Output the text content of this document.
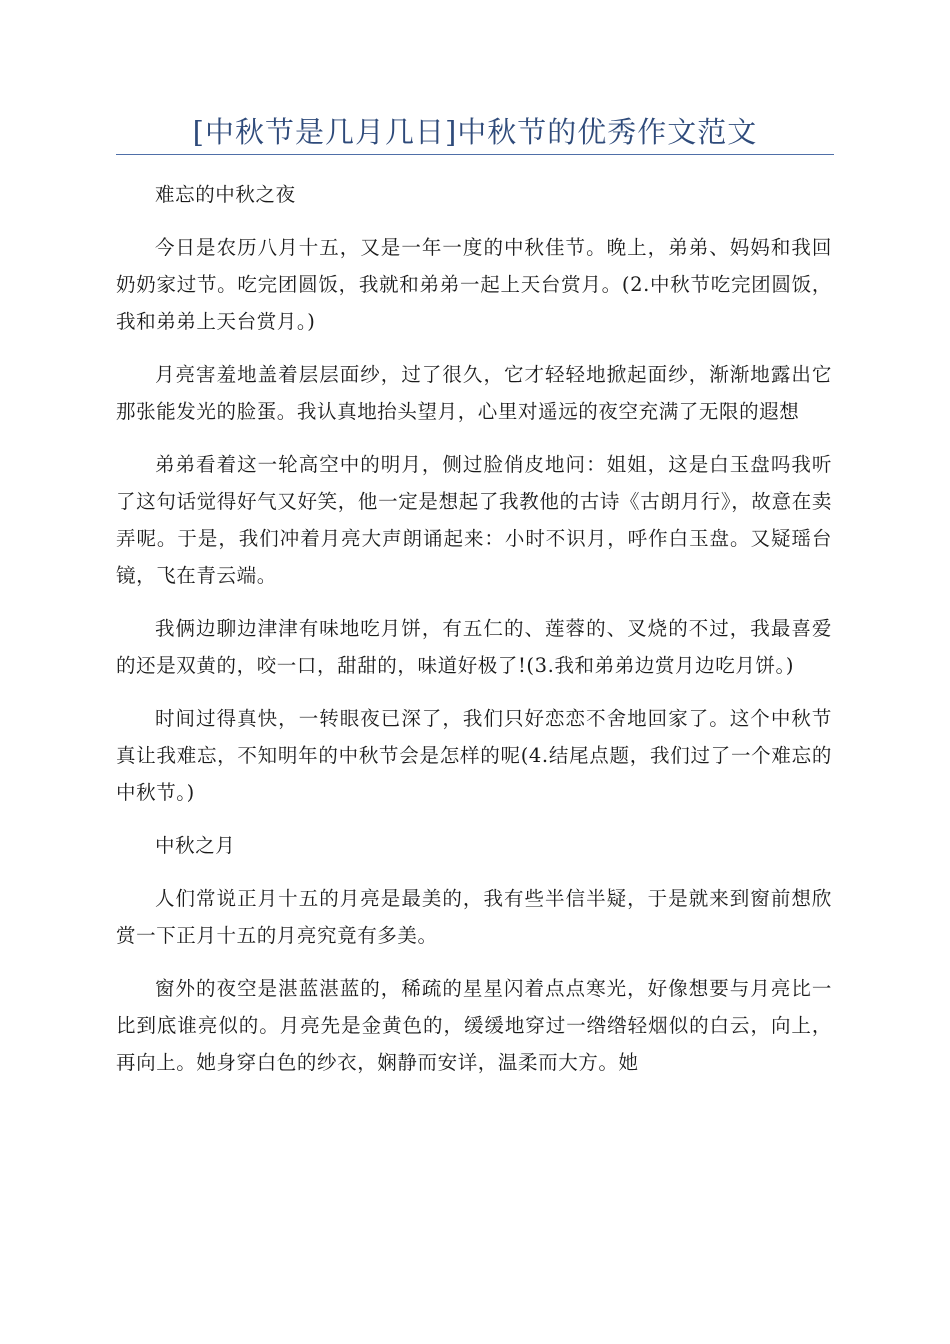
[中秋节是几月几日]中秋节的优秀作文范文

难忘的中秋之夜

今日是农历八月十五，又是一年一度的中秋佳节。晚上，弟弟、妈妈和我回奶奶家过节。吃完团圆饭，我就和弟弟一起上天台赏月。(2.中秋节吃完团圆饭，我和弟弟上天台赏月。)

月亮害羞地盖着层层面纱，过了很久，它才轻轻地掀起面纱，渐渐地露出它那张能发光的脸蛋。我认真地抬头望月，心里对遥远的夜空充满了无限的遐想

弟弟看着这一轮高空中的明月，侧过脸俏皮地问：姐姐，这是白玉盘吗我听了这句话觉得好气又好笑，他一定是想起了我教他的古诗《古朗月行》，故意在卖弄呢。于是，我们冲着月亮大声朗诵起来：小时不识月，呼作白玉盘。又疑瑶台镜，飞在青云端。

我俩边聊边津津有味地吃月饼，有五仁的、莲蓉的、叉烧的不过，我最喜爱的还是双黄的，咬一口，甜甜的，味道好极了!(3.我和弟弟边赏月边吃月饼。)

时间过得真快，一转眼夜已深了，我们只好恋恋不舍地回家了。这个中秋节真让我难忘，不知明年的中秋节会是怎样的呢(4.结尾点题，我们过了一个难忘的中秋节。)

中秋之月

人们常说正月十五的月亮是最美的，我有些半信半疑，于是就来到窗前想欣赏一下正月十五的月亮究竟有多美。

窗外的夜空是湛蓝湛蓝的，稀疏的星星闪着点点寒光，好像想要与月亮比一比到底谁亮似的。月亮先是金黄色的，缓缓地穿过一绺绺轻烟似的白云，向上，再向上。她身穿白色的纱衣，娴静而安详，温柔而大方。她
